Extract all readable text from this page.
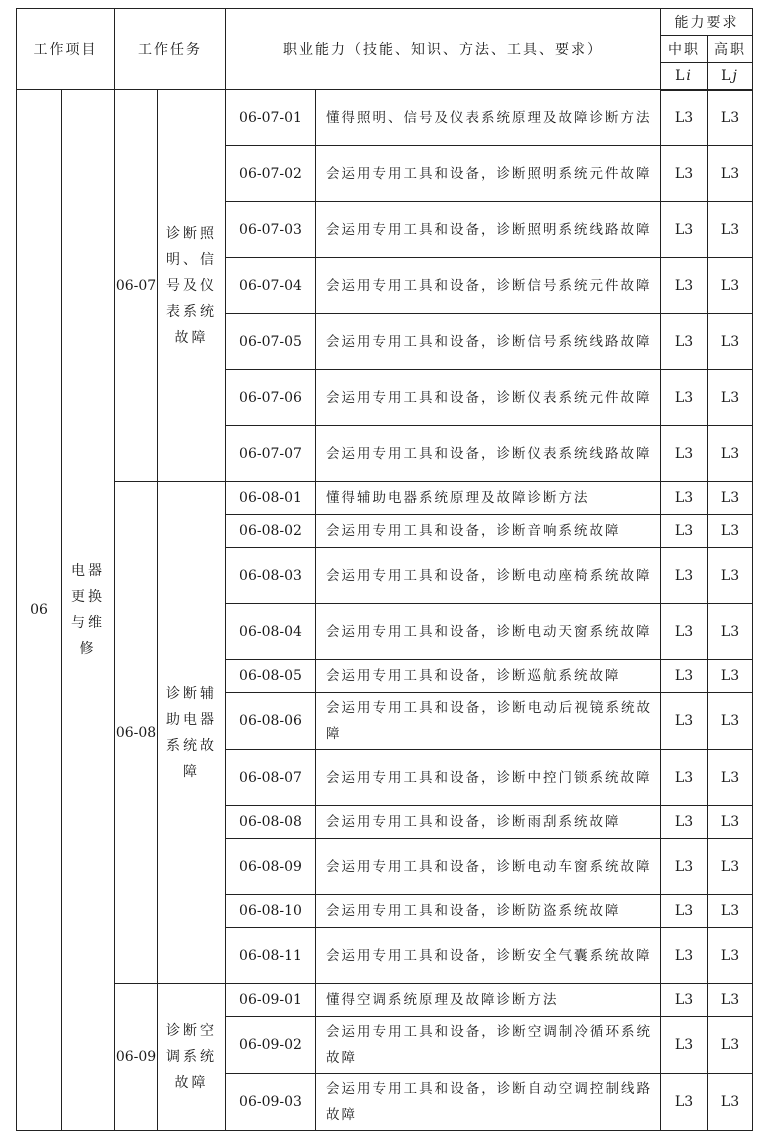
工作项目		工作任务		职业能力（技能、知识、方法、工具、要求）		能力要求	
						中职	高职
						Li	Lj
06	电器更换与维修	06-07	诊断照明、信号及仪表系统故障	06-07-01	懂得照明、信号及仪表系统原理及故障诊断方法	L3	L3
				06-07-02	会运用专用工具和设备，诊断照明系统元件故障	L3	L3
				06-07-03	会运用专用工具和设备，诊断照明系统线路故障	L3	L3
				06-07-04	会运用专用工具和设备，诊断信号系统元件故障	L3	L3
				06-07-05	会运用专用工具和设备，诊断信号系统线路故障	L3	L3
				06-07-06	会运用专用工具和设备，诊断仪表系统元件故障	L3	L3
				06-07-07	会运用专用工具和设备，诊断仪表系统线路故障	L3	L3
		06-08	诊断辅助电器系统故障	06-08-01	懂得辅助电器系统原理及故障诊断方法	L3	L3
				06-08-02	会运用专用工具和设备，诊断音响系统故障	L3	L3
				06-08-03	会运用专用工具和设备，诊断电动座椅系统故障	L3	L3
				06-08-04	会运用专用工具和设备，诊断电动天窗系统故障	L3	L3
				06-08-05	会运用专用工具和设备，诊断巡航系统故障	L3	L3
				06-08-06	会运用专用工具和设备，诊断电动后视镜系统故障	L3	L3
				06-08-07	会运用专用工具和设备，诊断中控门锁系统故障	L3	L3
				06-08-08	会运用专用工具和设备，诊断雨刮系统故障	L3	L3
				06-08-09	会运用专用工具和设备，诊断电动车窗系统故障	L3	L3
				06-08-10	会运用专用工具和设备，诊断防盗系统故障	L3	L3
				06-08-11	会运用专用工具和设备，诊断安全气囊系统故障	L3	L3
		06-09	诊断空调系统故障	06-09-01	懂得空调系统原理及故障诊断方法	L3	L3
				06-09-02	会运用专用工具和设备，诊断空调制冷循环系统故障	L3	L3
				06-09-03	会运用专用工具和设备，诊断自动空调控制线路故障	L3	L3
